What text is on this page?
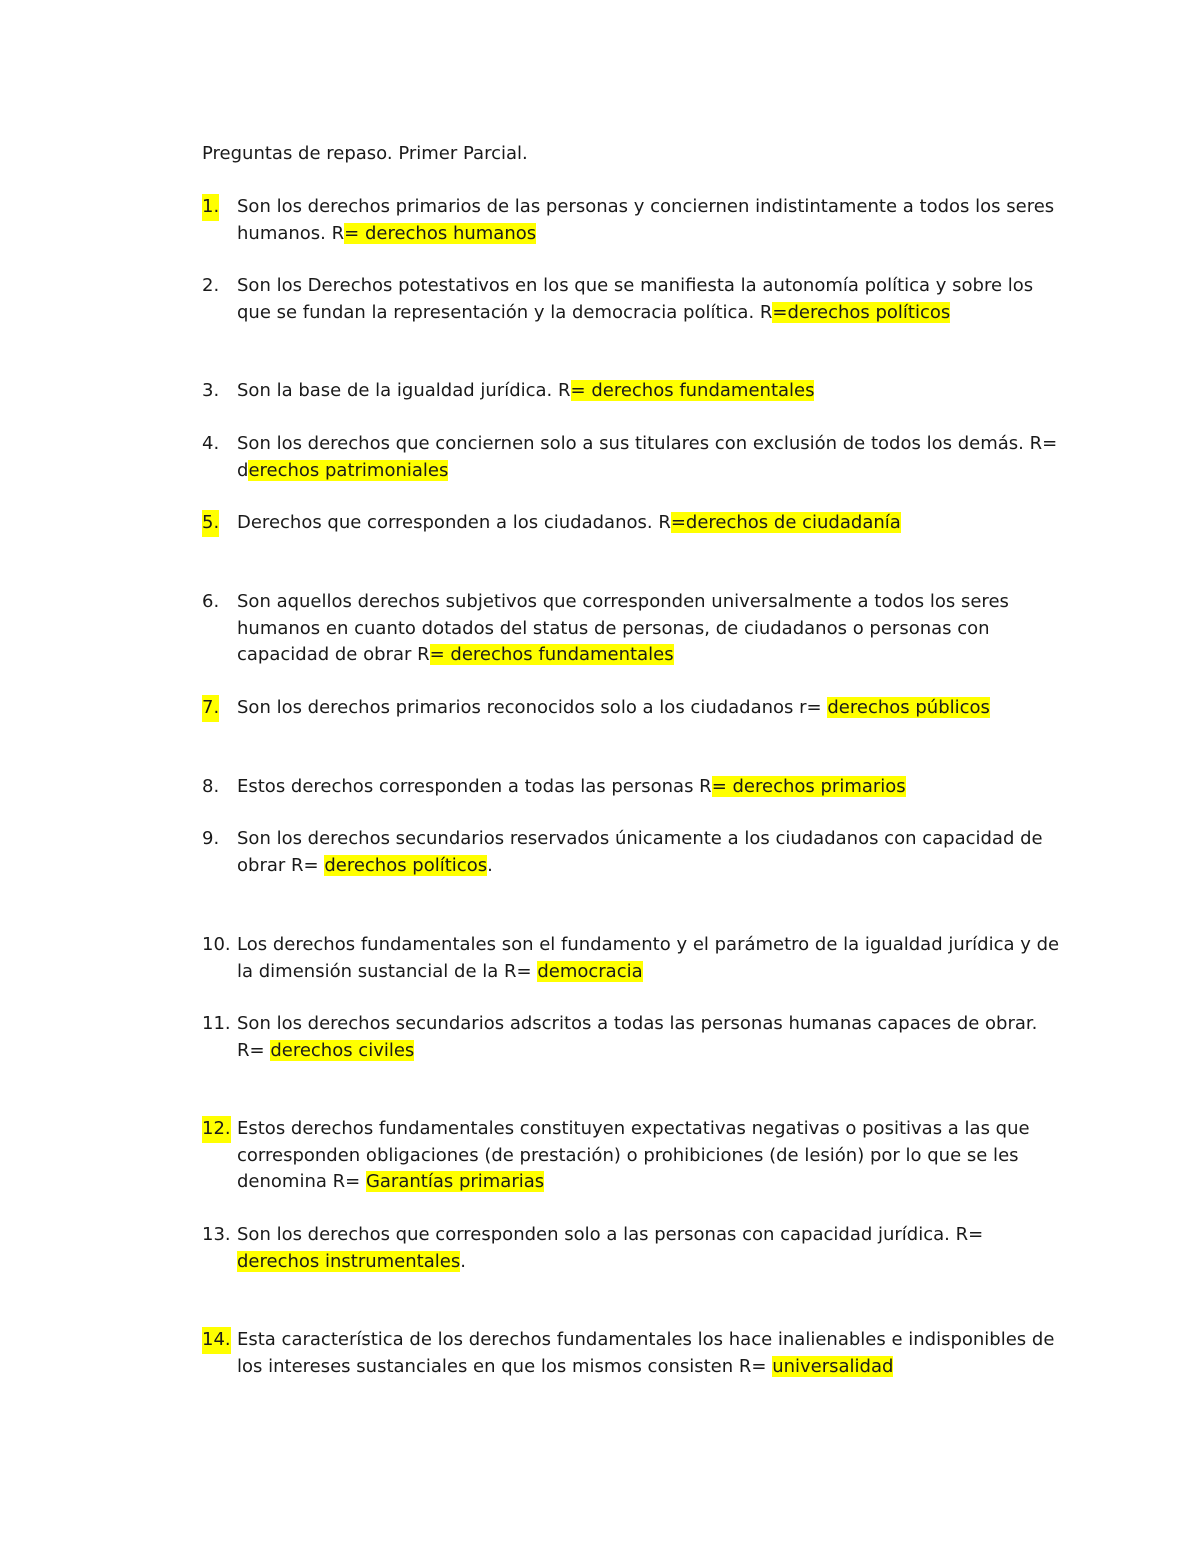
Preguntas de repaso. Primer Parcial.
1. Son los derechos primarios de las personas y conciernen indistintamente a todos los seres humanos. R= derechos humanos
2. Son los Derechos potestativos en los que se manifiesta la autonomía política y sobre los que se fundan la representación y la democracia política. R=derechos políticos
3. Son la base de la igualdad jurídica. R= derechos fundamentales
4. Son los derechos que conciernen solo a sus titulares con exclusión de todos los demás. R= derechos patrimoniales
5. Derechos que corresponden a los ciudadanos. R=derechos de ciudadanía
6. Son aquellos derechos subjetivos que corresponden universalmente a todos los seres humanos en cuanto dotados del status de personas, de ciudadanos o personas con capacidad de obrar R= derechos fundamentales
7. Son los derechos primarios reconocidos solo a los ciudadanos r= derechos públicos
8. Estos derechos corresponden a todas las personas R= derechos primarios
9. Son los derechos secundarios reservados únicamente a los ciudadanos con capacidad de obrar R= derechos políticos.
10. Los derechos fundamentales son el fundamento y el parámetro de la igualdad jurídica y de la dimensión sustancial de la R= democracia
11. Son los derechos secundarios adscritos a todas las personas humanas capaces de obrar. R= derechos civiles
12. Estos derechos fundamentales constituyen expectativas negativas o positivas a las que corresponden obligaciones (de prestación) o prohibiciones (de lesión) por lo que se les denomina R= Garantías primarias
13. Son los derechos que corresponden solo a las personas con capacidad jurídica. R= derechos instrumentales.
14. Esta característica de los derechos fundamentales los hace inalienables e indisponibles de los intereses sustanciales en que los mismos consisten R= universalidad
